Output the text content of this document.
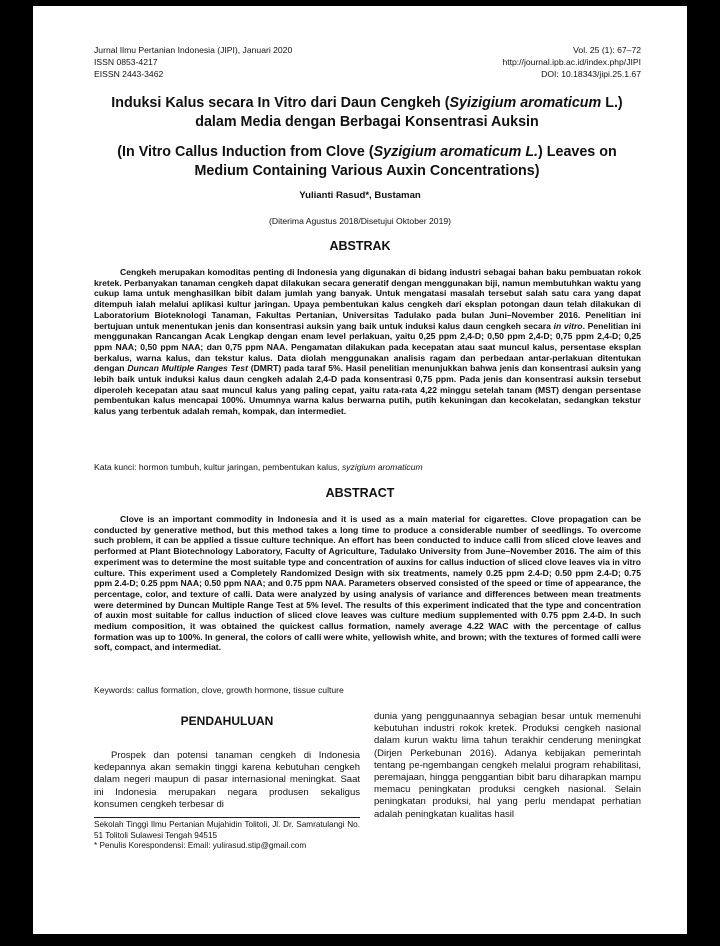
Jurnal Ilmu Pertanian Indonesia (JIPI), Januari 2020
ISSN 0853-4217
EISSN 2443-3462
Vol. 25 (1): 67–72
http://journal.ipb.ac.id/index.php/JIPI
DOI: 10.18343/jipi.25.1.67
Induksi Kalus secara In Vitro dari Daun Cengkeh (Syizigium aromaticum L.) dalam Media dengan Berbagai Konsentrasi Auksin
(In Vitro Callus Induction from Clove (Syzigium aromaticum L.) Leaves on Medium Containing Various Auxin Concentrations)
Yulianti Rasud*, Bustaman
(Diterima Agustus 2018/Disetujui Oktober 2019)
ABSTRAK
Cengkeh merupakan komoditas penting di Indonesia yang digunakan di bidang industri sebagai bahan baku pembuatan rokok kretek. Perbanyakan tanaman cengkeh dapat dilakukan secara generatif dengan menggunakan biji, namun membutuhkan waktu yang cukup lama untuk menghasilkan bibit dalam jumlah yang banyak. Untuk mengatasi masalah tersebut salah satu cara yang dapat ditempuh ialah melalui aplikasi kultur jaringan. Upaya pembentukan kalus cengkeh dari eksplan potongan daun telah dilakukan di Laboratorium Bioteknologi Tanaman, Fakultas Pertanian, Universitas Tadulako pada bulan Juni–November 2016. Penelitian ini bertujuan untuk menentukan jenis dan konsentrasi auksin yang baik untuk induksi kalus daun cengkeh secara in vitro. Penelitian ini menggunakan Rancangan Acak Lengkap dengan enam level perlakuan, yaitu 0,25 ppm 2,4-D; 0,50 ppm 2,4-D; 0,75 ppm 2,4-D; 0,25 ppm NAA; 0,50 ppm NAA; dan 0,75 ppm NAA. Pengamatan dilakukan pada kecepatan atau saat muncul kalus, persentase eksplan berkalus, warna kalus, dan tekstur kalus. Data diolah menggunakan analisis ragam dan perbedaan antar-perlakuan ditentukan dengan Duncan Multiple Ranges Test (DMRT) pada taraf 5%. Hasil penelitian menunjukkan bahwa jenis dan konsentrasi auksin yang lebih baik untuk induksi kalus daun cengkeh adalah 2,4-D pada konsentrasi 0,75 ppm. Pada jenis dan konsentrasi auksin tersebut diperoleh kecepatan atau saat muncul kalus yang paling cepat, yaitu rata-rata 4,22 minggu setelah tanam (MST) dengan persentase pembentukan kalus mencapai 100%. Umumnya warna kalus berwarna putih, putih kekuningan dan kecokelatan, sedangkan tekstur kalus yang terbentuk adalah remah, kompak, dan intermediet.
Kata kunci: hormon tumbuh, kultur jaringan, pembentukan kalus, syzigium aromaticum
ABSTRACT
Clove is an important commodity in Indonesia and it is used as a main material for cigarettes. Clove propagation can be conducted by generative method, but this method takes a long time to produce a considerable number of seedlings. To overcome such problem, it can be applied a tissue culture technique. An effort has been conducted to induce calli from sliced clove leaves and performed at Plant Biotechnology Laboratory, Faculty of Agriculture, Tadulako University from June–November 2016. The aim of this experiment was to determine the most suitable type and concentration of auxins for callus induction of sliced clove leaves via in vitro culture. This experiment used a Completely Randomized Design with six treatments, namely 0.25 ppm 2.4-D; 0.50 ppm 2.4-D; 0.75 ppm 2.4-D; 0.25 ppm NAA; 0.50 ppm NAA; and 0.75 ppm NAA. Parameters observed consisted of the speed or time of appearance, the percentage, color, and texture of calli. Data were analyzed by using analysis of variance and differences between mean treatments were determined by Duncan Multiple Range Test at 5% level. The results of this experiment indicated that the type and concentration of auxin most suitable for callus induction of sliced clove leaves was culture medium supplemented with 0.75 ppm 2.4-D. In such medium composition, it was obtained the quickest callus formation, namely average 4.22 WAC with the percentage of callus formation was up to 100%. In general, the colors of calli were white, yellowish white, and brown; with the textures of formed calli were soft, compact, and intermediat.
Keywords: callus formation, clove, growth hormone, tissue culture
PENDAHULUAN

Prospek dan potensi tanaman cengkeh di Indonesia kedepannya akan semakin tinggi karena kebutuhan cengkeh dalam negeri maupun di pasar internasional meningkat. Saat ini Indonesia merupakan negara produsen sekaligus konsumen cengkeh terbesar di

Sekolah Tinggi Ilmu Pertanian Mujahidin Tolitoli, Jl. Dr. Samratulangi No. 51 Tolitoli Sulawesi Tengah 94515
* Penulis Korespondensi: Email: yulirasud.stip@gmail.com

dunia yang penggunaannya sebagian besar untuk memenuhi kebutuhan industri rokok kretek. Produksi cengkeh nasional dalam kurun waktu lima tahun terakhir cenderung meningkat (Dirjen Perkebunan 2016). Adanya kebijakan pemerintah tentang pe-ngembangan cengkeh melalui program rehabilitasi, peremajaan, hingga penggantian bibit baru diharapkan mampu memacu peningkatan produksi cengkeh nasional. Selain peningkatan produksi, hal yang perlu mendapat perhatian adalah peningkatan kualitas hasil
